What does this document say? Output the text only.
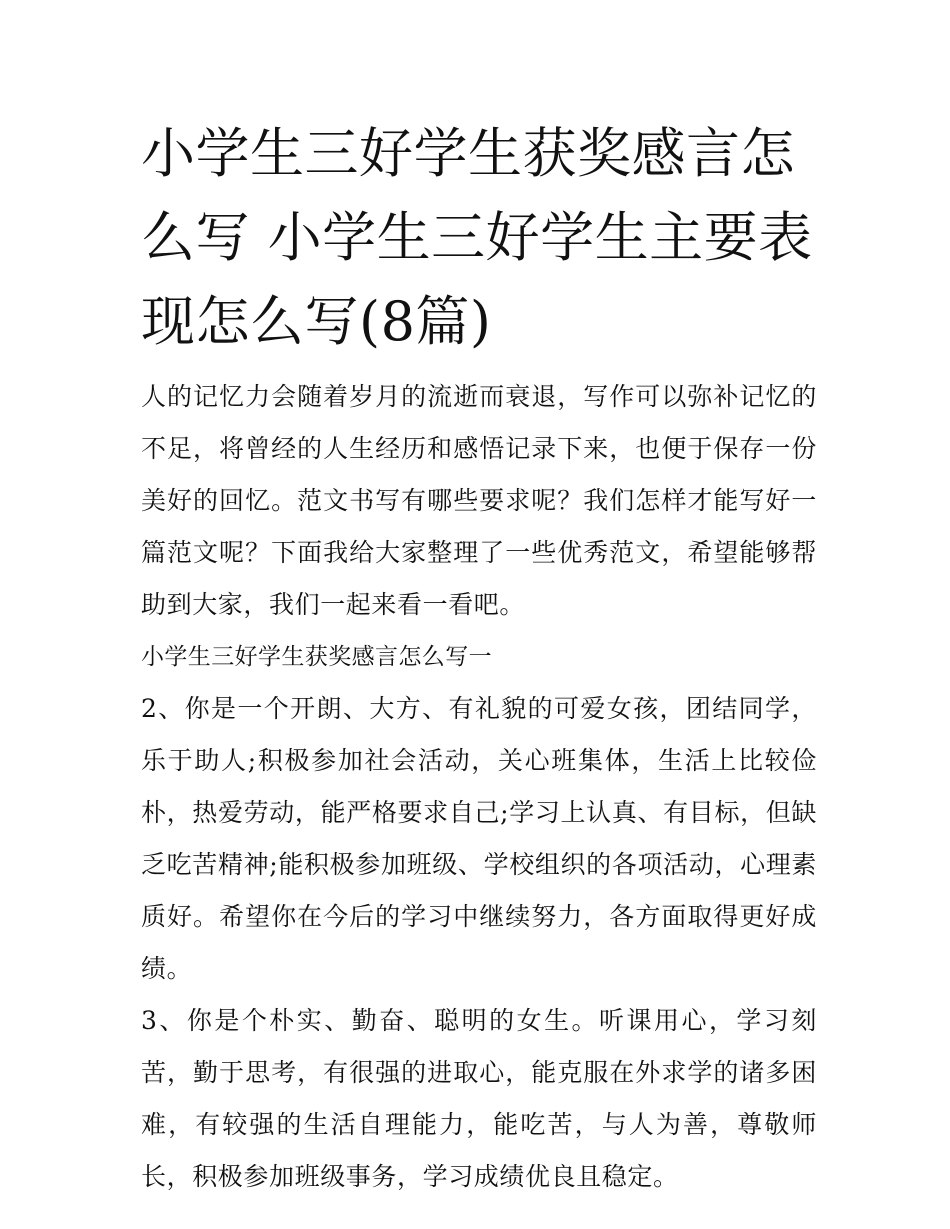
小学生三好学生获奖感言怎么写 小学生三好学生主要表现怎么写(8篇)

人的记忆力会随着岁月的流逝而衰退，写作可以弥补记忆的不足，将曾经的人生经历和感悟记录下来，也便于保存一份美好的回忆。范文书写有哪些要求呢？我们怎样才能写好一篇范文呢？下面我给大家整理了一些优秀范文，希望能够帮助到大家，我们一起来看一看吧。

小学生三好学生获奖感言怎么写一

2、你是一个开朗、大方、有礼貌的可爱女孩，团结同学，乐于助人;积极参加社会活动，关心班集体，生活上比较俭朴，热爱劳动，能严格要求自己;学习上认真、有目标，但缺乏吃苦精神;能积极参加班级、学校组织的各项活动，心理素质好。希望你在今后的学习中继续努力，各方面取得更好成绩。

3、你是个朴实、勤奋、聪明的女生。听课用心，学习刻苦，勤于思考，有很强的进取心，能克服在外求学的诸多困难，有较强的生活自理能力，能吃苦，与人为善，尊敬师长，积极参加班级事务，学习成绩优良且稳定。
